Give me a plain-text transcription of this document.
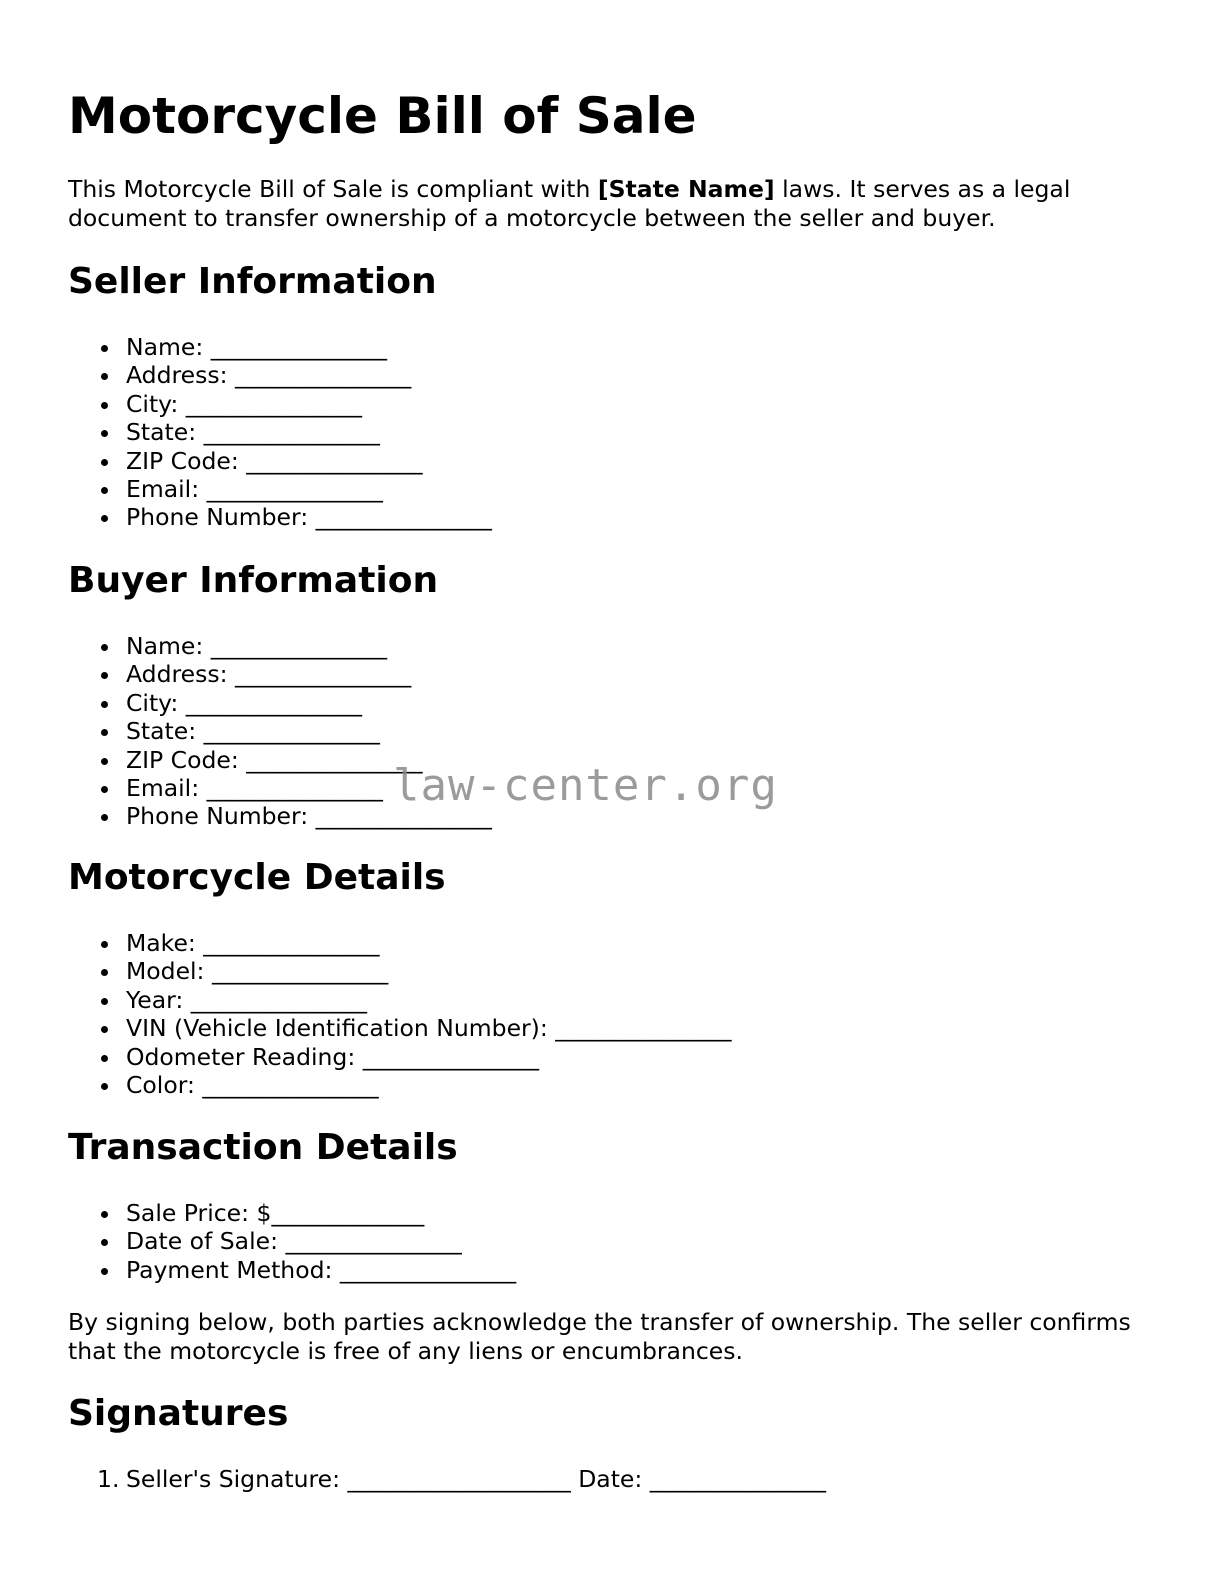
Motorcycle Bill of Sale

This Motorcycle Bill of Sale is compliant with [State Name] laws. It serves as a legal document to transfer ownership of a motorcycle between the seller and buyer.

Seller Information
Name: _______________
Address: _______________
City: _______________
State: _______________
ZIP Code: _______________
Email: _______________
Phone Number: _______________
Buyer Information
Name: _______________
Address: _______________
City: _______________
State: _______________
ZIP Code: _______________
Email: _______________
Phone Number: _______________
Motorcycle Details
Make: _______________
Model: _______________
Year: _______________
VIN (Vehicle Identification Number): _______________
Odometer Reading: _______________
Color: _______________
Transaction Details
Sale Price: $_____________
Date of Sale: _______________
Payment Method: _______________

By signing below, both parties acknowledge the transfer of ownership. The seller confirms that the motorcycle is free of any liens or encumbrances.

Signatures
1. Seller's Signature: ___________________ Date: _______________
law-center.org
